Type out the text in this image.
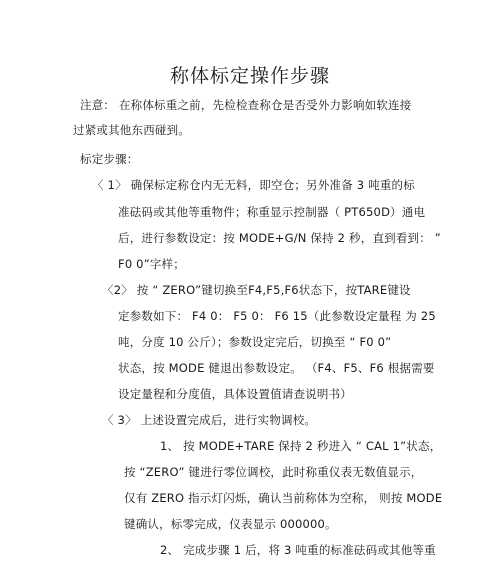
称体标定操作步骤
注意： 在称体标重之前，先检检查称仓是否受外力影响如软连接
过紧或其他东西碰到。
标定步骤：
〈 1〉 确保标定称仓内无无料，即空仓；另外准备 3 吨重的标
准砝码或其他等重物件；称重显示控制器（ PT650D）通电
后，进行参数设定：按 MODE+G/N 保持 2 秒，直到看到： ”
F0 0”字样；
〈2〉 按 “ ZERO”键切换至F4,F5,F6状态下，按TARE键设
定参数如下： F4 0： F5 0： F6 15（此参数设定量程 为 25
吨，分度 10 公斤）；参数设定完后，切换至 “ F0 0”
状态，按 MODE 健退出参数设定。 （F4、F5、F6 根据需要
设定量程和分度值，具体设置值请查说明书）
〈 3〉 上述设置完成后，进行实物调校。
1、 按 MODE+TARE 保持 2 秒进入 “ CAL 1”状态，
按 “ZERO” 键进行零位调校，此时称重仪表无数值显示，
仅有 ZERO 指示灯闪烁，确认当前称体为空称， 则按 MODE
键确认，标零完成，仪表显示 000000。
2、 完成步骤 1 后，将 3 吨重的标准砝码或其他等重
